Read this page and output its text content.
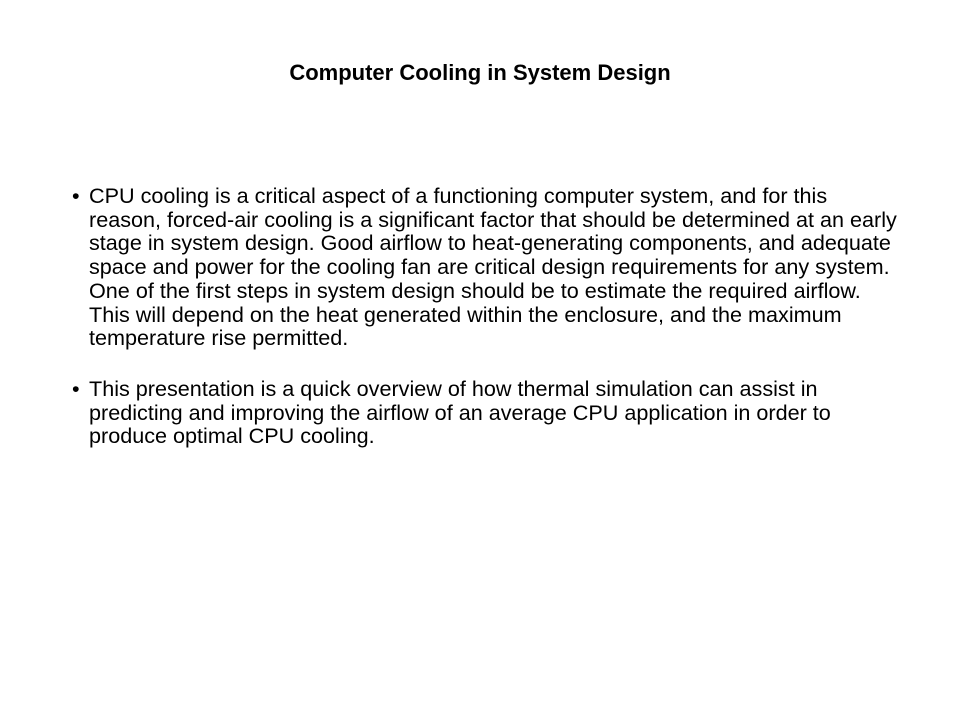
Computer Cooling in System Design
• CPU cooling is a critical aspect of a functioning computer system, and for this reason, forced-air cooling is a significant factor that should be determined at an early stage in system design. Good airflow to heat-generating components, and adequate space and power for the cooling fan are critical design requirements for any system. One of the first steps in system design should be to estimate the required airflow. This will depend on the heat generated within the enclosure, and the maximum temperature rise permitted.
• This presentation is a quick overview of how thermal simulation can assist in predicting and improving the airflow of an average CPU application in order to produce optimal CPU cooling.
